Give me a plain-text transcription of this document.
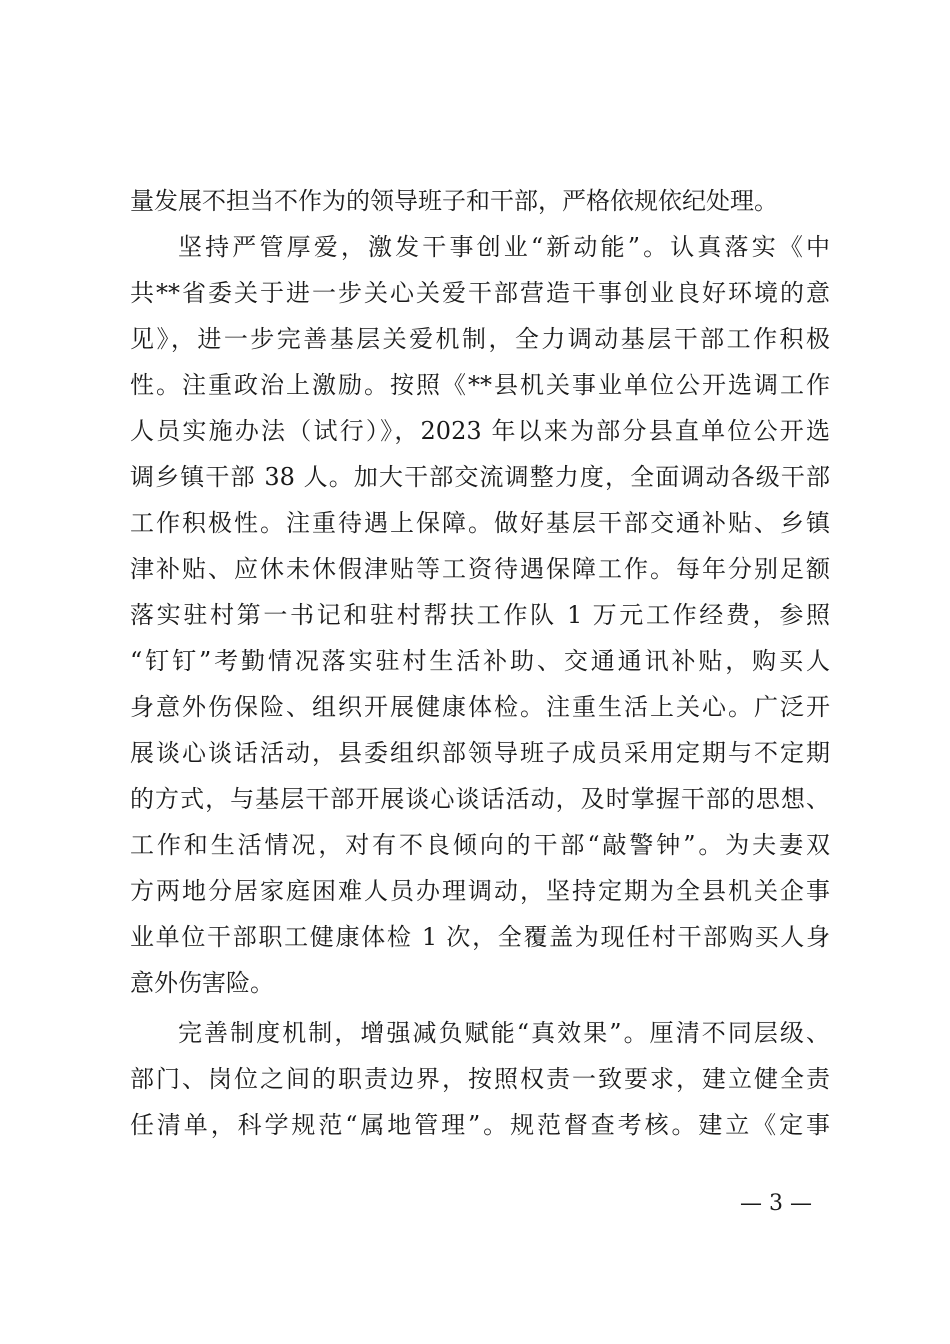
量发展不担当不作为的领导班子和干部，严格依规依纪处理。
坚持严管厚爱，激发干事创业“新动能”。认真落实《中
共**省委关于进一步关心关爱干部营造干事创业良好环境的意
见》，进一步完善基层关爱机制，全力调动基层干部工作积极
性。注重政治上激励。按照《**县机关事业单位公开选调工作
人员实施办法（试行）》，2023 年以来为部分县直单位公开选
调乡镇干部 38 人。加大干部交流调整力度，全面调动各级干部
工作积极性。注重待遇上保障。做好基层干部交通补贴、乡镇
津补贴、应休未休假津贴等工资待遇保障工作。每年分别足额
落实驻村第一书记和驻村帮扶工作队 1 万元工作经费，参照
“钉钉”考勤情况落实驻村生活补助、交通通讯补贴，购买人
身意外伤保险、组织开展健康体检。注重生活上关心。广泛开
展谈心谈话活动，县委组织部领导班子成员采用定期与不定期
的方式，与基层干部开展谈心谈话活动，及时掌握干部的思想、
工作和生活情况，对有不良倾向的干部“敲警钟”。为夫妻双
方两地分居家庭困难人员办理调动，坚持定期为全县机关企事
业单位干部职工健康体检 1 次，全覆盖为现任村干部购买人身
意外伤害险。
完善制度机制，增强减负赋能“真效果”。厘清不同层级、
部门、岗位之间的职责边界，按照权责一致要求，建立健全责
任清单，科学规范“属地管理”。规范督查考核。建立《定事
— 3 —
